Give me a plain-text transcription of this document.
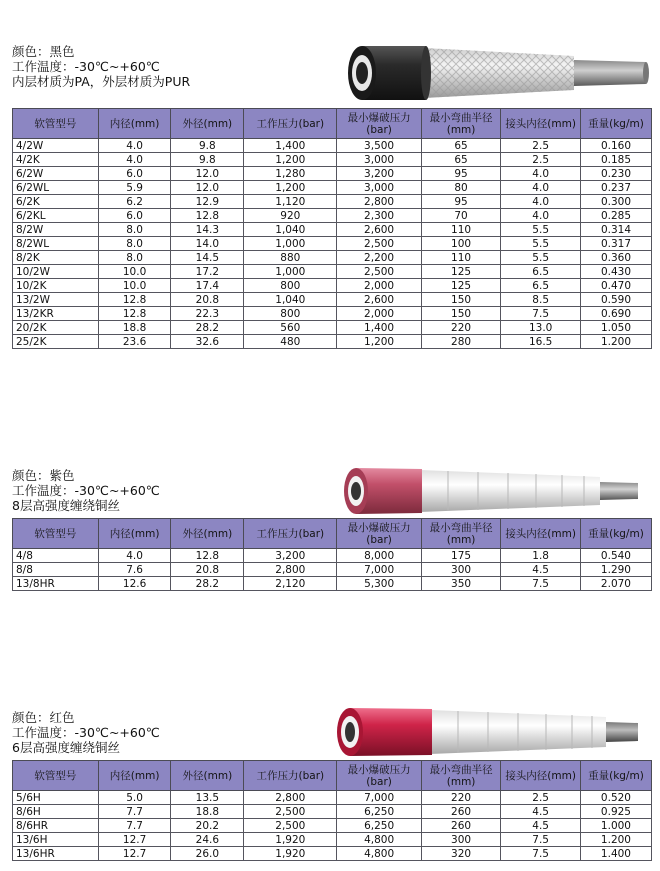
颜色：黑色
工作温度：-30℃~+60℃
内层材质为PA，外层材质为PUR
软管型号	内径(mm)	外径(mm)	工作压力(bar)	最小爆破压力(bar)	最小弯曲半径(mm)	接头内径(mm)	重量(kg/m)
4/2W	4.0	9.8	1,400	3,500	65	2.5	0.160
4/2K	4.0	9.8	1,200	3,000	65	2.5	0.185
6/2W	6.0	12.0	1,280	3,200	95	4.0	0.230
6/2WL	5.9	12.0	1,200	3,000	80	4.0	0.237
6/2K	6.2	12.9	1,120	2,800	95	4.0	0.300
6/2KL	6.0	12.8	920	2,300	70	4.0	0.285
8/2W	8.0	14.3	1,040	2,600	110	5.5	0.314
8/2WL	8.0	14.0	1,000	2,500	100	5.5	0.317
8/2K	8.0	14.5	880	2,200	110	5.5	0.360
10/2W	10.0	17.2	1,000	2,500	125	6.5	0.430
10/2K	10.0	17.4	800	2,000	125	6.5	0.470
13/2W	12.8	20.8	1,040	2,600	150	8.5	0.590
13/2KR	12.8	22.3	800	2,000	150	7.5	0.690
20/2K	18.8	28.2	560	1,400	220	13.0	1.050
25/2K	23.6	32.6	480	1,200	280	16.5	1.200
颜色：紫色
工作温度：-30℃~+60℃
8层高强度缠绕铜丝
软管型号	内径(mm)	外径(mm)	工作压力(bar)	最小爆破压力(bar)	最小弯曲半径(mm)	接头内径(mm)	重量(kg/m)
4/8	4.0	12.8	3,200	8,000	175	1.8	0.540
8/8	7.6	20.8	2,800	7,000	300	4.5	1.290
13/8HR	12.6	28.2	2,120	5,300	350	7.5	2.070
颜色：红色
工作温度：-30℃~+60℃
6层高强度缠绕铜丝
软管型号	内径(mm)	外径(mm)	工作压力(bar)	最小爆破压力(bar)	最小弯曲半径(mm)	接头内径(mm)	重量(kg/m)
5/6H	5.0	13.5	2,800	7,000	220	2.5	0.520
8/6H	7.7	18.8	2,500	6,250	260	4.5	0.925
8/6HR	7.7	20.2	2,500	6,250	260	4.5	1.000
13/6H	12.7	24.6	1,920	4,800	300	7.5	1.200
13/6HR	12.7	26.0	1,920	4,800	320	7.5	1.400
